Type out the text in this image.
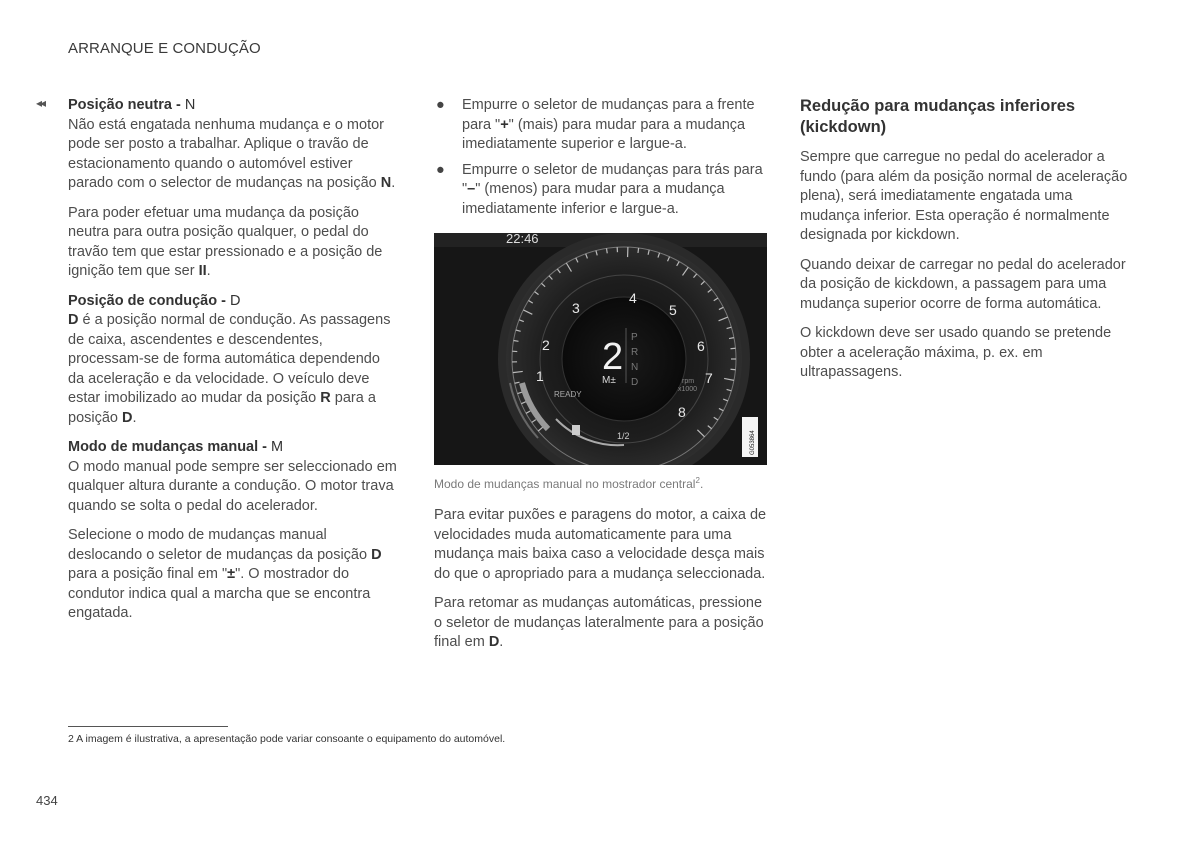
ARRANQUE E CONDUÇÃO
◂◂ Posição neutra - N

Não está engatada nenhuma mudança e o motor pode ser posto a trabalhar. Aplique o travão de estacionamento quando o automóvel estiver parado com o selector de mudanças na posição N.

Para poder efetuar uma mudança da posição neutra para outra posição qualquer, o pedal do travão tem que estar pressionado e a posição de ignição tem que ser II.

Posição de condução - D

D é a posição normal de condução. As passagens de caixa, ascendentes e descendentes, processam-se de forma automática dependendo da aceleração e da velocidade. O veículo deve estar imobilizado ao mudar da posição R para a posição D.

Modo de mudanças manual - M

O modo manual pode sempre ser seleccionado em qualquer altura durante a condução. O motor trava quando se solta o pedal do acelerador.

Selecione o modo de mudanças manual deslocando o seletor de mudanças da posição D para a posição final em "±". O mostrador do condutor indica qual a marcha que se encontra engatada.

● Empurre o seletor de mudanças para a frente para "+" (mais) para mudar para a mudança imediatamente superior e largue-a.
● Empurre o seletor de mudanças para trás para "–" (menos) para mudar para a mudança imediatamente inferior e largue-a.
READY
22:46
4
3	5
2	6
1	7
8
rpm
x1000
2
M±
P
R
N
D
1/2	G053864
Modo de mudanças manual no mostrador central$^2$.

Para evitar puxões e paragens do motor, a caixa de velocidades muda automaticamente para uma mudança mais baixa caso a velocidade desça mais do que o apropriado para a mudança seleccionada.

Para retomar as mudanças automáticas, pressione o seletor de mudanças lateralmente para a posição final em D.

Redução para mudanças inferiores (kickdown)

Sempre que carregue no pedal do acelerador a fundo (para além da posição normal de aceleração plena), será imediatamente engatada uma mudança inferior. Esta operação é normalmente designada por kickdown.

Quando deixar de carregar no pedal do acelerador da posição de kickdown, a passagem para uma mudança superior ocorre de forma automática.

O kickdown deve ser usado quando se pretende obter a aceleração máxima, p. ex. em ultrapassagens.

2 A imagem é ilustrativa, a apresentação pode variar consoante o equipamento do automóvel.
434
